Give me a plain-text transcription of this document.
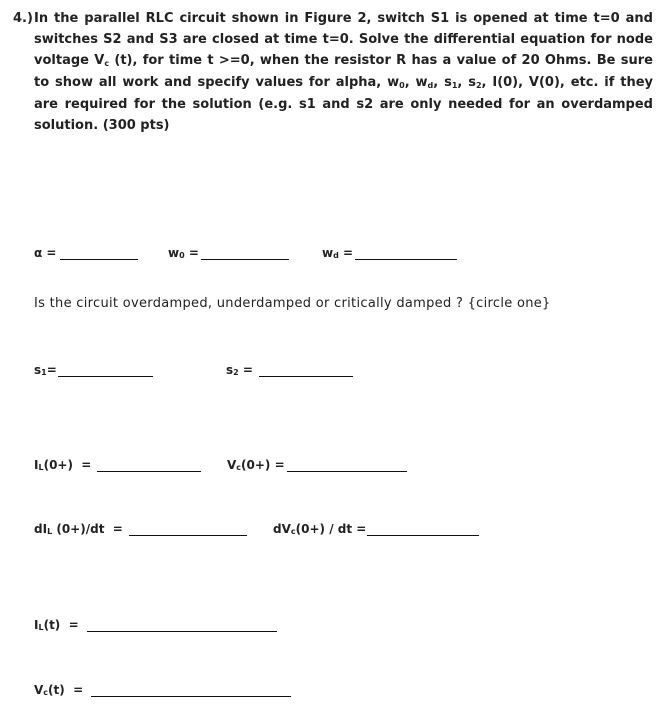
4.) In the parallel RLC circuit shown in Figure 2, switch S1 is opened at time t=0 and switches S2 and S3 are closed at time t=0. Solve the differential equation for node voltage $V_c$ (t), for time t >=0, when the resistor R has a value of 20 Ohms. Be sure to show all work and specify values for alpha, $w_0$, $w_d$, $s_1$, $s_2$, I(0), V(0), etc. if they are required for the solution (e.g. s1 and s2 are only needed for an overdamped solution. (300 pts)
α =	$w_0$ =	$w_d$ =
Is the circuit overdamped, underdamped or critically damped ? {circle one}
$s_1=$	$s_2$ =
$I_L(0+)$  =	$V_c(0+)$ =
$dI_L$ (0+)/dt  =	$dV_c(0+)$ / dt =
$I_L(t)$  =
$V_c(t)$  =
